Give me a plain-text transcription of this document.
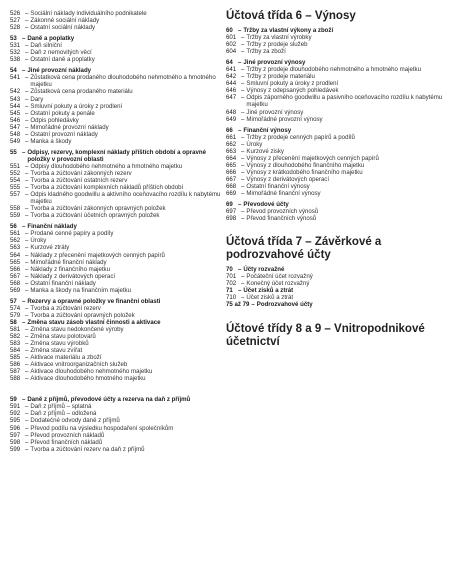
526 – Sociální náklady individuálního podnikatele
527 – Zákonné sociální náklady
528 – Ostatní sociální náklady
53 – Daně a poplatky
531 – Daň silniční
532 – Daň z nemovitých věcí
538 – Ostatní daně a poplatky
54 – Jiné provozní náklady
541 – Zůstatková cena prodaného dlouhodobého nehmotného a hmotného majetku
542 – Zůstatková cena prodaného materiálu
543 – Dary
544 – Smluvní pokuty a úroky z prodlení
545 – Ostatní pokuty a penále
546 – Odpis pohledávky
547 – Mimořádné provozní náklady
548 – Ostatní provozní náklady
549 – Manka a škody
55 – Odpisy, rezervy, komplexní náklady příštích období a opravné položky v provozní oblasti
551 – Odpisy dlouhodobého nehmotného a hmotného majetku
552 – Tvorba a zúčtování zákonných rezerv
554 – Tvorba a zúčtování ostatních rezerv
555 – Tvorba a zúčtování komplexních nákladů příštích období
557 – Odpis kladného goodwillu a aktivního oceňovacího rozdílu k nabytému majetku
558 – Tvorba a zúčtování zákonných opravných položek
559 – Tvorba a zúčtování účetních opravných položek
56 – Finanční náklady
561 – Prodané cenné papíry a podíly
562 – Úroky
563 – Kurzové ztráty
564 – Náklady z přecenění majetkových cenných papírů
565 – Mimořádné finanční náklady
566 – Náklady z finančního majetku
567 – Náklady z derivátových operací
568 – Ostatní finanční náklady
569 – Manka a škody na finančním majetku
57 – Rezervy a opravné položky ve finanční oblasti
574 – Tvorba a zúčtování rezerv
579 – Tvorba a zúčtování opravných položek
58 – Změna stavu zásob vlastní činnosti a aktivace
581 – Změna stavu nedokončené výroby
582 – Změna stavu polotovarů
583 – Změna stavu výrobků
584 – Změna stavu zvířat
585 – Aktivace materiálu a zboží
586 – Aktivace vnitroorganizačních služeb
587 – Aktivace dlouhodobého nehmotného majetku
588 – Aktivace dlouhodobého hmotného majetku
59 – Daně z příjmů, převodové účty a rezerva na daň z příjmů
591 – Daň z příjmů – splatná
592 – Daň z příjmů – odložená
595 – Dodatečné odvody daně z příjmů
596 – Převod podílu na výsledku hospodaření společníkům
597 – Převod provozních nákladů
598 – Převod finančních nákladů
599 – Tvorba a zúčtování rezerv na daň z příjmů
Účtová třída 6 – Výnosy
60 – Tržby za vlastní výkony a zboží
601 – Tržby za vlastní výrobky
602 – Tržby z prodeje služeb
604 – Tržby za zboží
64 – Jiné provozní výnosy
641 – Tržby z prodeje dlouhodobého nehmotného a hmotného majetku
642 – Tržby z prodeje materiálu
644 – Smluvní pokuty a úroky z prodlení
646 – Výnosy z odepsaných pohledávek
647 – Odpis záporného goodwillu a pasivního oceňovacího rozdílu k nabytému majetku
648 – Jiné provozní výnosy
649 – Mimořádné provozní výnosy
66 – Finanční výnosy
661 – Tržby z prodeje cenných papírů a podílů
662 – Úroky
663 – Kurzové zisky
664 – Výnosy z přecenění majetkových cenných papírů
665 – Výnosy z dlouhodobého finančního majetku
666 – Výnosy z krátkodobého finančního majetku
667 – Výnosy z derivátových operací
668 – Ostatní finanční výnosy
669 – Mimořádné finanční výnosy
69 – Převodové účty
697 – Převod provozních výnosů
698 – Převod finančních výnosů
Účtová třída 7 – Závěrkové a podrozvahové účty
70 – Účty rozvažné
701 – Počáteční účet rozvažný
702 – Konečný účet rozvažný
71 – Účet zisků a ztrát
710 – Účet zisků a ztrát
75 až 79 – Podrozvahové účty
Účtové třídy 8 a 9 – Vnitropodnikové účetnictví
